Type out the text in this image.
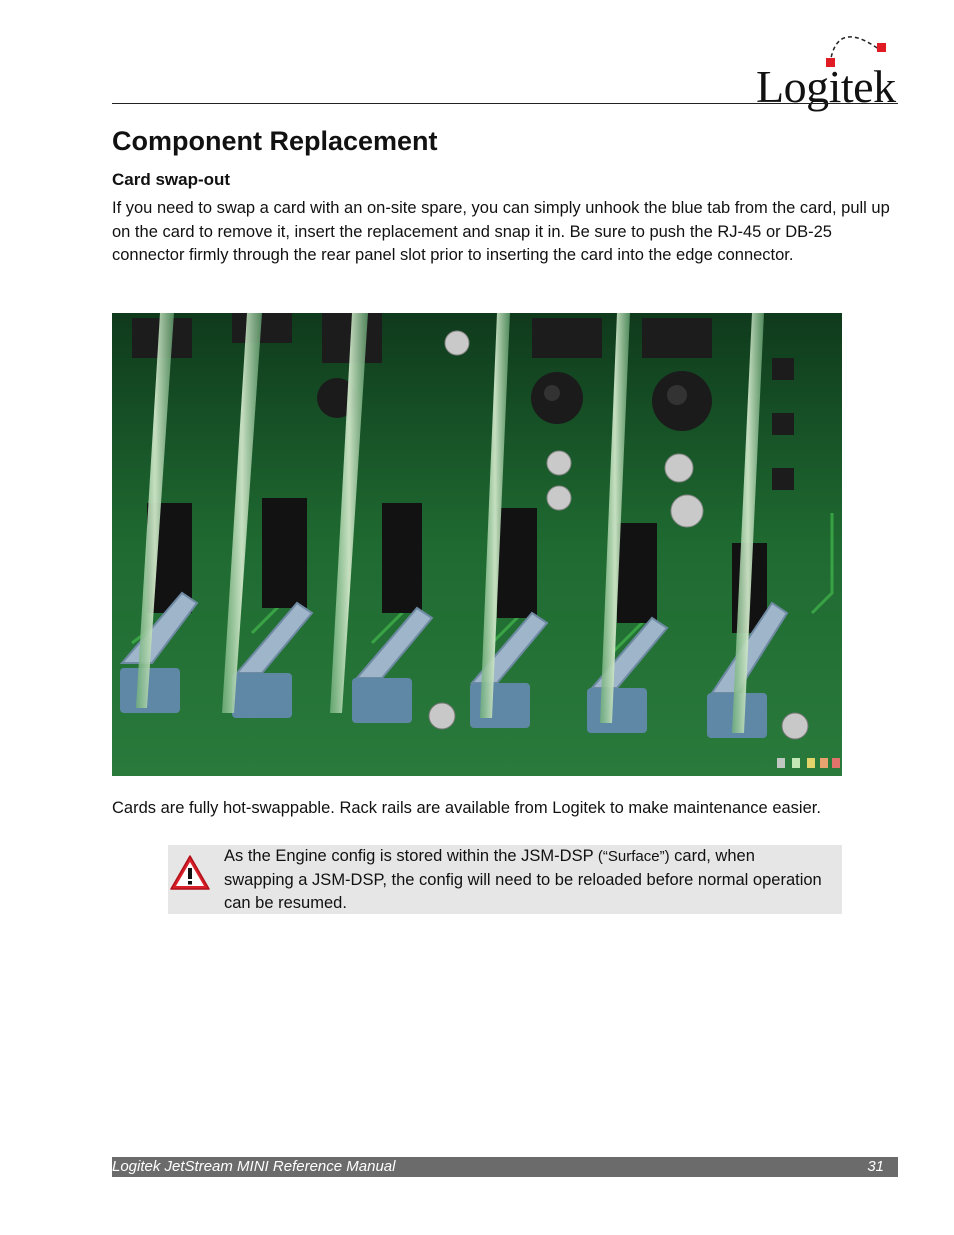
Logitek
Component Replacement
Card swap-out

If you need to swap a card with an on-site spare, you can simply unhook the blue tab from the card, pull up on the card to remove it, insert the replacement and snap it in. Be sure to push the RJ-45 or DB-25 connector firmly through the rear panel slot prior to inserting the card into the edge connector.

Cards are fully hot-swappable. Rack rails are available from Logitek to make maintenance easier.

As the Engine config is stored within the JSM-DSP (“Surface”) card, when swapping a JSM-DSP, the config will need to be reloaded before normal operation can be resumed.

Logitek JetStream MINI Reference Manual	31
